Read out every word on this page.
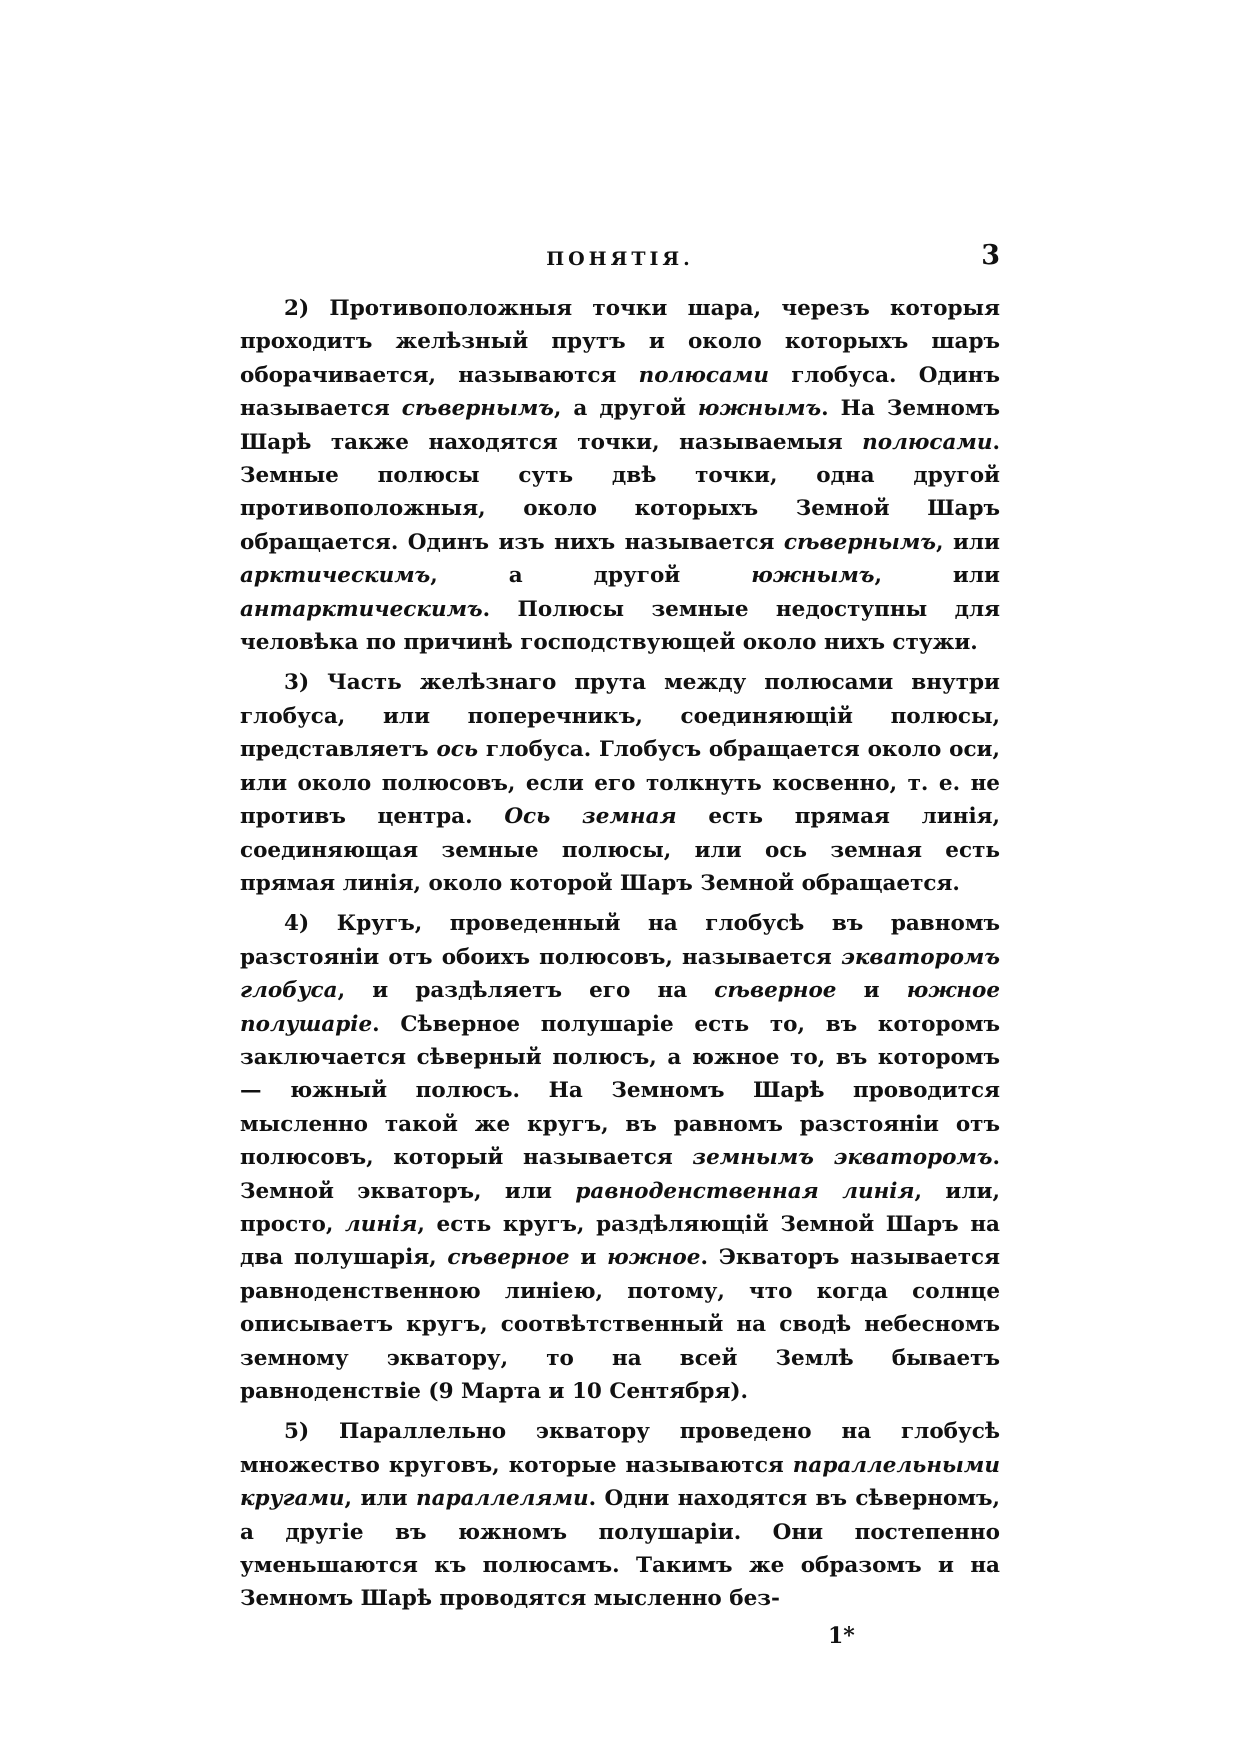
ПОНЯТІЯ.	3

2) Противоположныя точки шара, черезъ которыя проходитъ желѣзный прутъ и около которыхъ шаръ оборачивается, называются полюсами глобуса. Одинъ называется сѣвернымъ, а другой южнымъ. На Земномъ Шарѣ также находятся точки, называемыя полюсами. Земные полюсы суть двѣ точки, одна другой противоположныя, около которыхъ Земной Шаръ обращается. Одинъ изъ нихъ называется сѣвернымъ, или арктическимъ, а другой южнымъ, или антарктическимъ. Полюсы земные недоступны для человѣка по причинѣ господствующей около нихъ стужи.

3) Часть желѣзнаго прута между полюсами внутри глобуса, или поперечникъ, соединяющій полюсы, представляетъ ось глобуса. Глобусъ обращается около оси, или около полюсовъ, если его толкнуть косвенно, т. е. не противъ центра. Ось земная есть прямая линія, соединяющая земные полюсы, или ось земная есть прямая линія, около которой Шаръ Земной обращается.

4) Кругъ, проведенный на глобусѣ въ равномъ разстояніи отъ обоихъ полюсовъ, называется экваторомъ глобуса, и раздѣляетъ его на сѣверное и южное полушаріе. Сѣверное полушаріе есть то, въ которомъ заключается сѣверный полюсъ, а южное то, въ которомъ — южный полюсъ. На Земномъ Шарѣ проводится мысленно такой же кругъ, въ равномъ разстояніи отъ полюсовъ, который называется земнымъ экваторомъ. Земной экваторъ, или равноденственная линія, или, просто, линія, есть кругъ, раздѣляющій Земной Шаръ на два полушарія, сѣверное и южное. Экваторъ называется равноденственною линіею, потому, что когда солнце описываетъ кругъ, соотвѣтственный на сводѣ небесномъ земному экватору, то на всей Землѣ бываетъ равноденствіе (9 Марта и 10 Сентября).

5) Параллельно экватору проведено на глобусѣ множество круговъ, которые называются параллельными кругами, или параллелями. Одни находятся въ сѣверномъ, а другіе въ южномъ полушаріи. Они постепенно уменьшаются къ полюсамъ. Такимъ же образомъ и на Земномъ Шарѣ проводятся мысленно без-

1*
